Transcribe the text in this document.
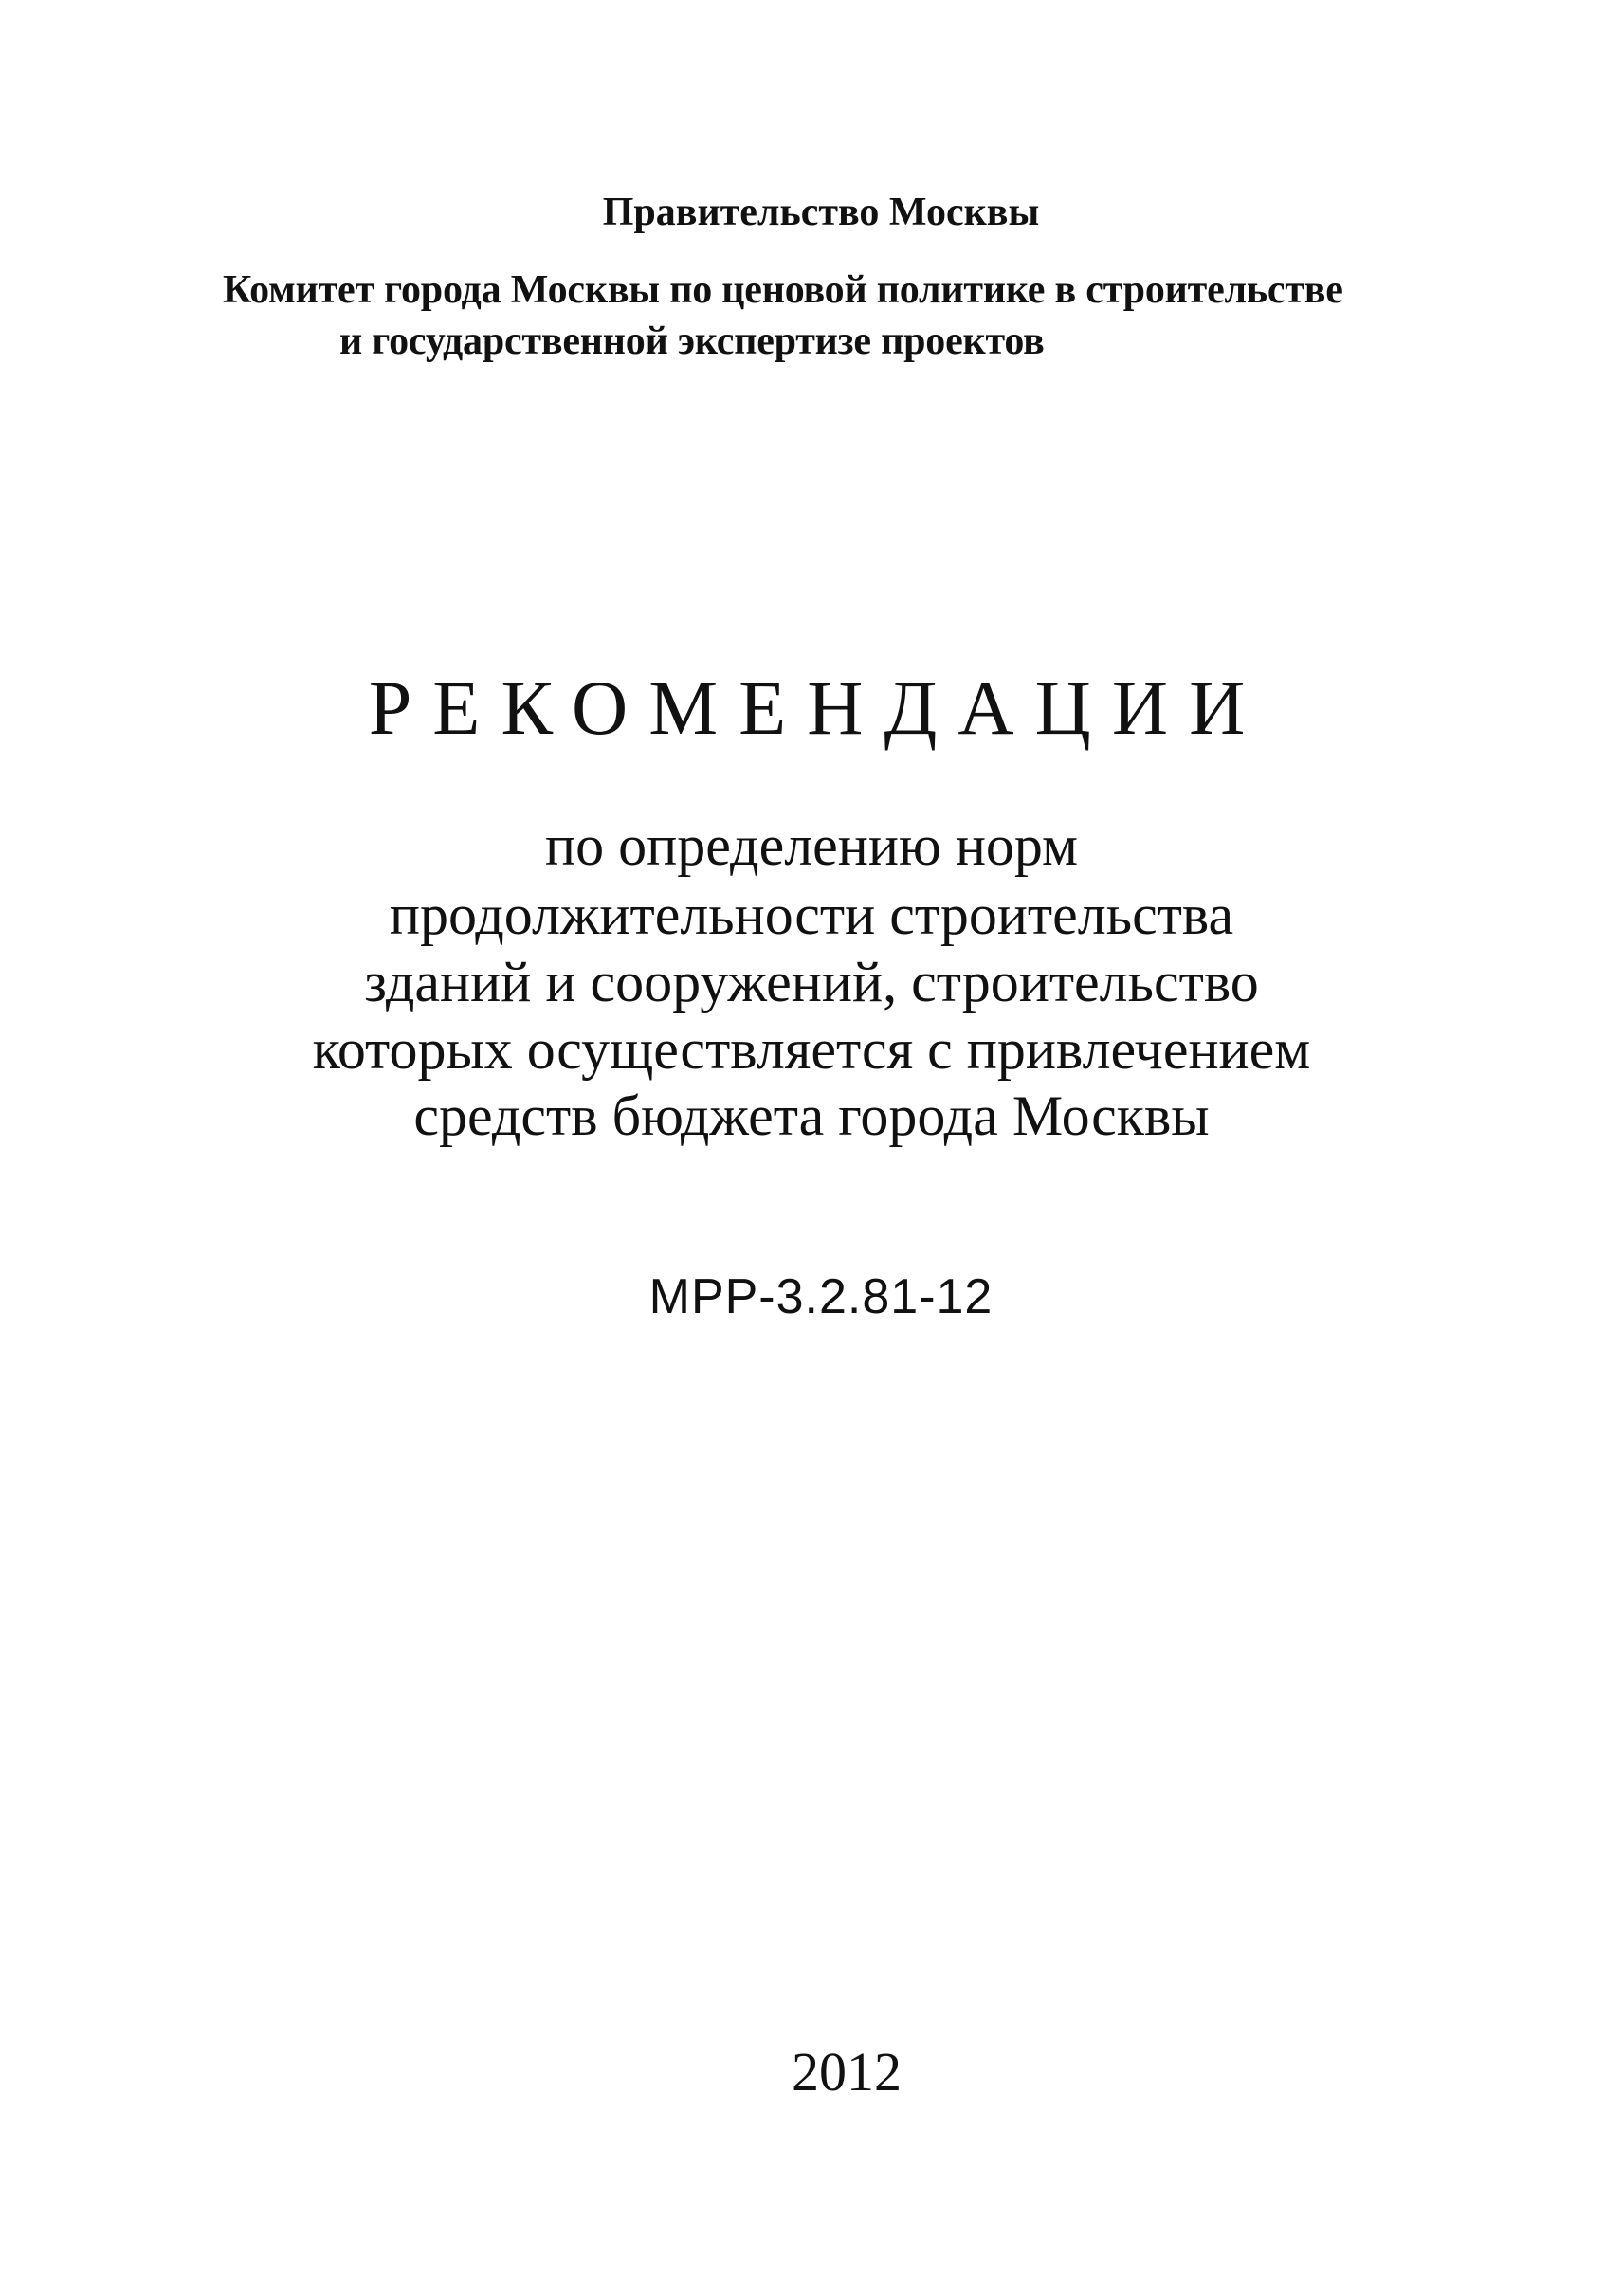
Правительство Москвы
Комитет города Москвы по ценовой политике в строительстве
и государственной экспертизе проектов
РЕКОМЕНДАЦИИ
по определению норм
продолжительности строительства
зданий и сооружений, строительство
которых осуществляется с привлечением
средств бюджета города Москвы
МРР-3.2.81-12
2012
